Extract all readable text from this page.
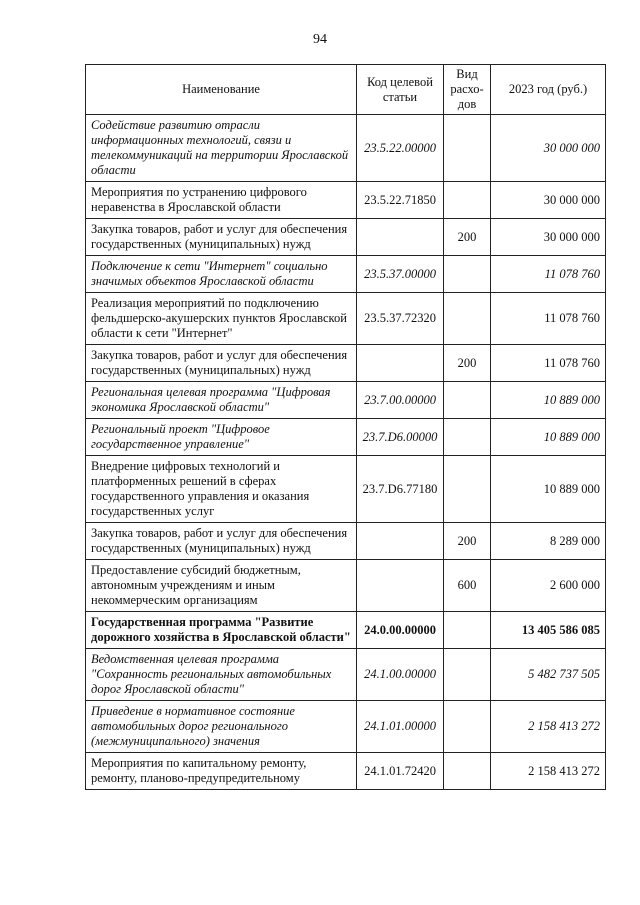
94
Наименование	Код целевой статьи	Вид расхо-дов	2023 год (руб.)
Содействие развитию отрасли информационных технологий, связи и телекоммуникаций на территории Ярославской области	23.5.22.00000		30 000 000
Мероприятия по устранению цифрового неравенства в Ярославской области	23.5.22.71850		30 000 000
Закупка товаров, работ и услуг для обеспечения государственных (муниципальных) нужд		200	30 000 000
Подключение к сети "Интернет" социально значимых объектов Ярославской области	23.5.37.00000		11 078 760
Реализация мероприятий по подключению фельдшерско-акушерских пунктов Ярославской области к сети "Интернет"	23.5.37.72320		11 078 760
Закупка товаров, работ и услуг для обеспечения государственных (муниципальных) нужд		200	11 078 760
Региональная целевая программа "Цифровая экономика Ярославской области"	23.7.00.00000		10 889 000
Региональный проект "Цифровое государственное управление"	23.7.D6.00000		10 889 000
Внедрение цифровых технологий и платформенных решений в сферах государственного управления и оказания государственных услуг	23.7.D6.77180		10 889 000
Закупка товаров, работ и услуг для обеспечения государственных (муниципальных) нужд		200	8 289 000
Предоставление субсидий бюджетным, автономным учреждениям и иным некоммерческим организациям		600	2 600 000
Государственная программа "Развитие дорожного хозяйства в Ярославской области"	24.0.00.00000		13 405 586 085
Ведомственная целевая программа "Сохранность региональных автомобильных дорог Ярославской области"	24.1.00.00000		5 482 737 505
Приведение в нормативное состояние автомобильных дорог регионального (межмуниципального) значения	24.1.01.00000		2 158 413 272
Мероприятия по капитальному ремонту, ремонту, планово-предупредительному	24.1.01.72420		2 158 413 272
